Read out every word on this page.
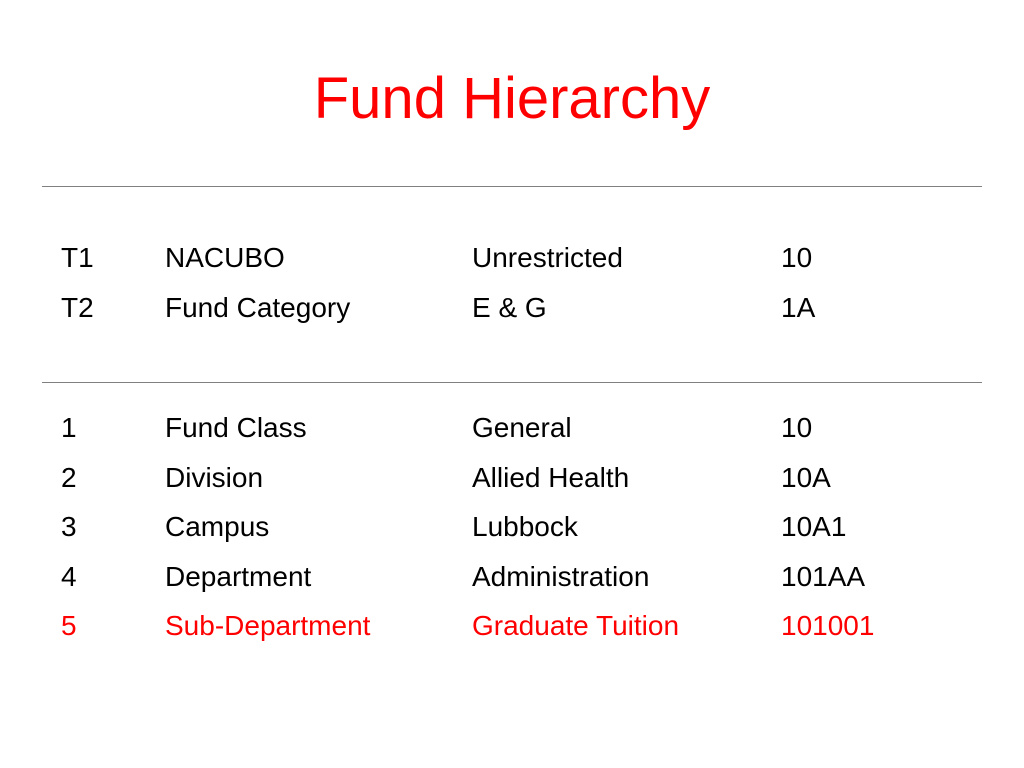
Fund Hierarchy
T1	NACUBO	Unrestricted	10
T2	Fund Category	E & G	1A
1	Fund Class	General	10
2	Division	Allied Health	10A
3	Campus	Lubbock	10A1
4	Department	Administration	101AA
5	Sub-Department	Graduate Tuition	101001
